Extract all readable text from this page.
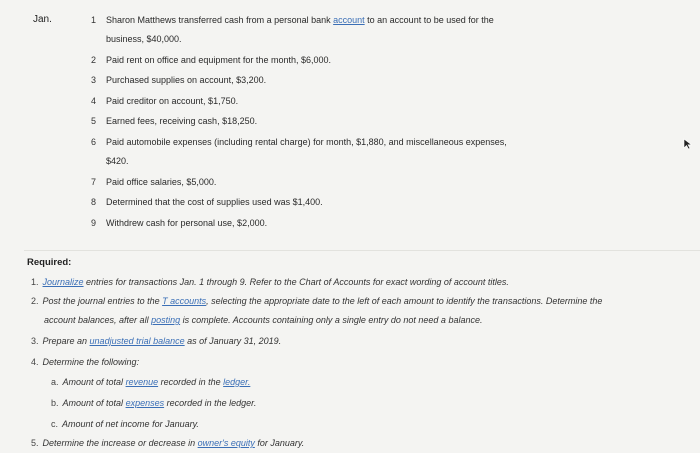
Jan.	1 Sharon Matthews transferred cash from a personal bank account to an account to be used for the
business, $40,000.
2 Paid rent on office and equipment for the month, $6,000.
3 Purchased supplies on account, $3,200.
4 Paid creditor on account, $1,750.
5 Earned fees, receiving cash, $18,250.
6 Paid automobile expenses (including rental charge) for month, $1,880, and miscellaneous expenses,
$420.
7 Paid office salaries, $5,000.
8 Determined that the cost of supplies used was $1,400.
9 Withdrew cash for personal use, $2,000.
Required:
1. Journalize entries for transactions Jan. 1 through 9. Refer to the Chart of Accounts for exact wording of account titles.
2. Post the journal entries to the T accounts, selecting the appropriate date to the left of each amount to identify the transactions. Determine the
account balances, after all posting is complete. Accounts containing only a single entry do not need a balance.
3. Prepare an unadjusted trial balance as of January 31, 2019.
4. Determine the following:
a. Amount of total revenue recorded in the ledger.
b. Amount of total expenses recorded in the ledger.
c. Amount of net income for January.
5. Determine the increase or decrease in owner's equity for January.
